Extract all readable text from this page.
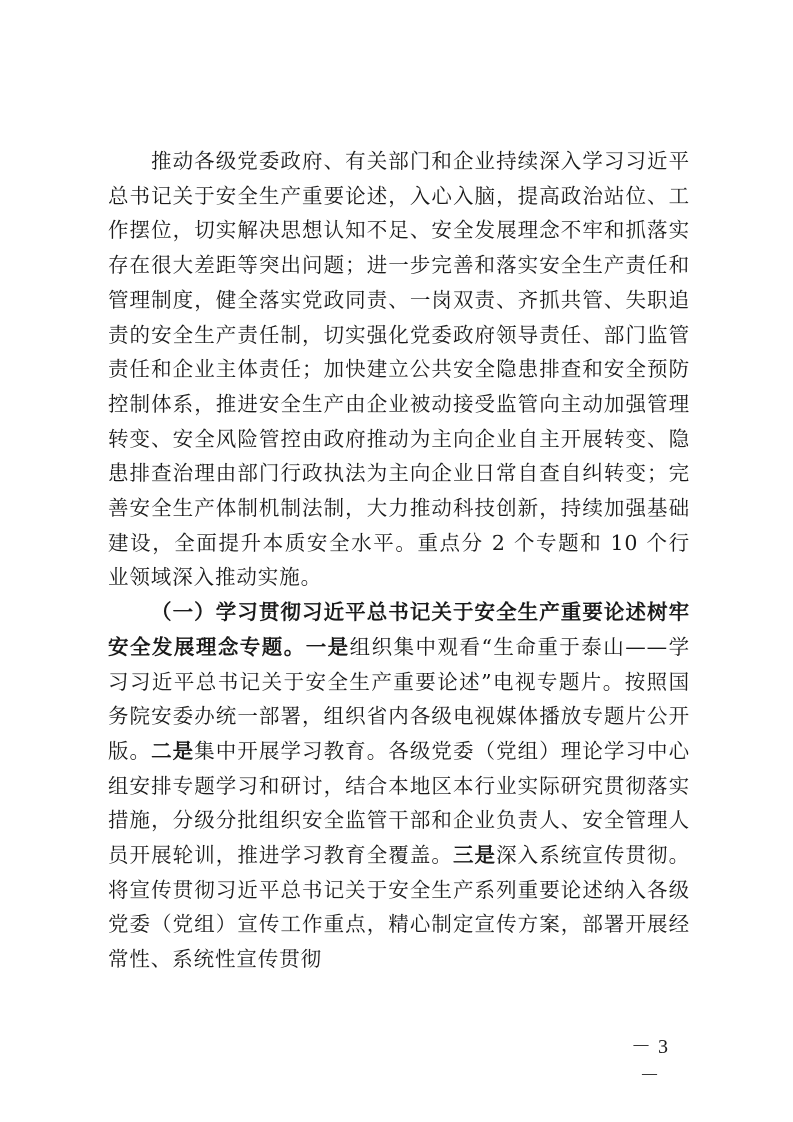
推动各级党委政府、有关部门和企业持续深入学习习近平总书记关于安全生产重要论述，入心入脑，提高政治站位、工作摆位，切实解决思想认知不足、安全发展理念不牢和抓落实存在很大差距等突出问题；进一步完善和落实安全生产责任和管理制度，健全落实党政同责、一岗双责、齐抓共管、失职追责的安全生产责任制，切实强化党委政府领导责任、部门监管责任和企业主体责任；加快建立公共安全隐患排查和安全预防控制体系，推进安全生产由企业被动接受监管向主动加强管理转变、安全风险管控由政府推动为主向企业自主开展转变、隐患排查治理由部门行政执法为主向企业日常自查自纠转变；完善安全生产体制机制法制，大力推动科技创新，持续加强基础建设，全面提升本质安全水平。重点分 2 个专题和 10 个行业领域深入推动实施。

（一）学习贯彻习近平总书记关于安全生产重要论述树牢安全发展理念专题。一是组织集中观看“生命重于泰山——学习习近平总书记关于安全生产重要论述”电视专题片。按照国务院安委办统一部署，组织省内各级电视媒体播放专题片公开版。二是集中开展学习教育。各级党委（党组）理论学习中心组安排专题学习和研讨，结合本地区本行业实际研究贯彻落实措施，分级分批组织安全监管干部和企业负责人、安全管理人员开展轮训，推进学习教育全覆盖。三是深入系统宣传贯彻。将宣传贯彻习近平总书记关于安全生产系列重要论述纳入各级党委（党组）宣传工作重点，精心制定宣传方案，部署开展经常性、系统性宣传贯彻

－ 3 －
